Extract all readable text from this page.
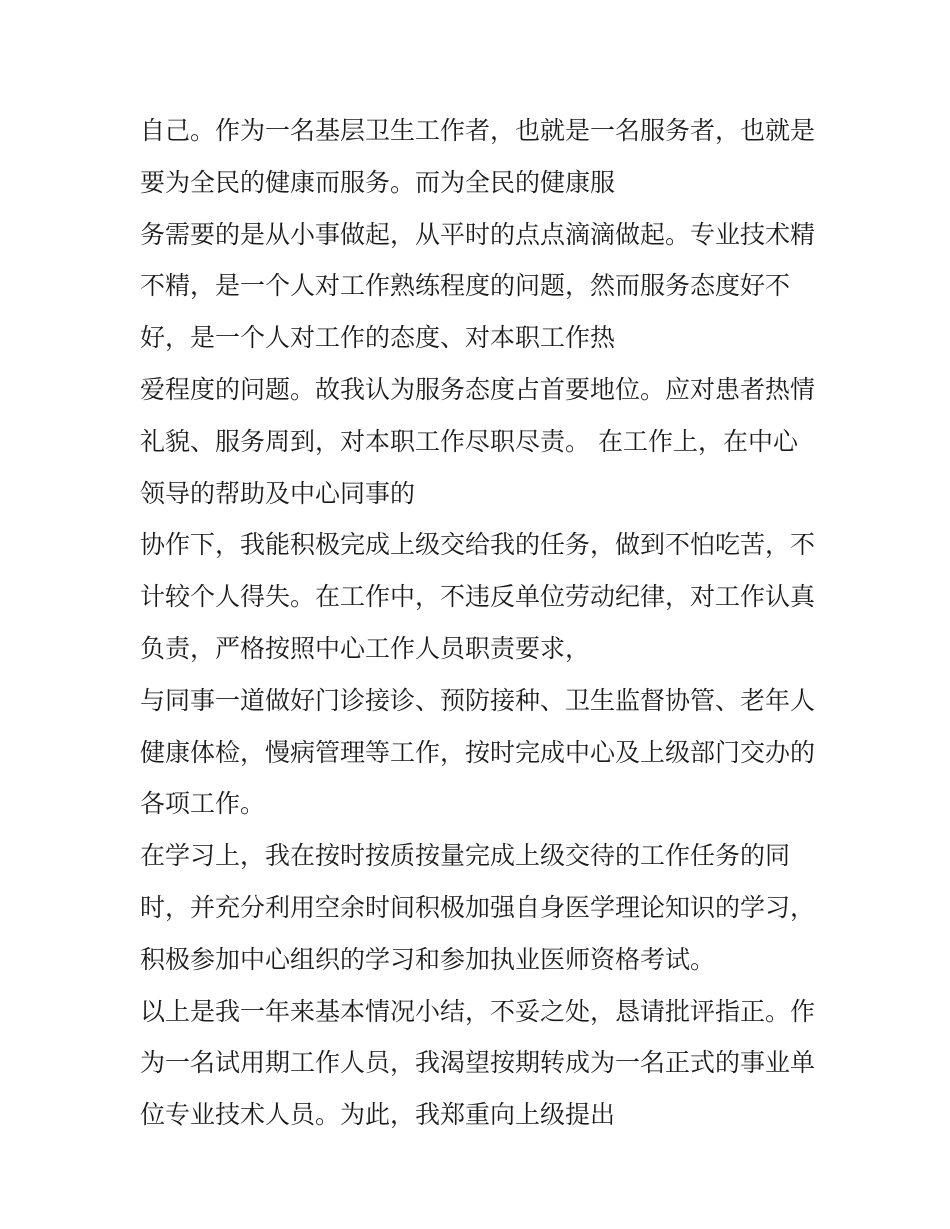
自己。作为一名基层卫生工作者，也就是一名服务者，也就是
要为全民的健康而服务。而为全民的健康服
务需要的是从小事做起，从平时的点点滴滴做起。专业技术精
不精，是一个人对工作熟练程度的问题，然而服务态度好不
好，是一个人对工作的态度、对本职工作热
爱程度的问题。故我认为服务态度占首要地位。应对患者热情
礼貌、服务周到，对本职工作尽职尽责。 在工作上，在中心
领导的帮助及中心同事的
协作下，我能积极完成上级交给我的任务，做到不怕吃苦，不
计较个人得失。在工作中，不违反单位劳动纪律，对工作认真
负责，严格按照中心工作人员职责要求，
与同事一道做好门诊接诊、预防接种、卫生监督协管、老年人
健康体检，慢病管理等工作，按时完成中心及上级部门交办的
各项工作。
在学习上，我在按时按质按量完成上级交待的工作任务的同
时，并充分利用空余时间积极加强自身医学理论知识的学习，
积极参加中心组织的学习和参加执业医师资格考试。
以上是我一年来基本情况小结，不妥之处，恳请批评指正。作
为一名试用期工作人员，我渴望按期转成为一名正式的事业单
位专业技术人员。为此，我郑重向上级提出
